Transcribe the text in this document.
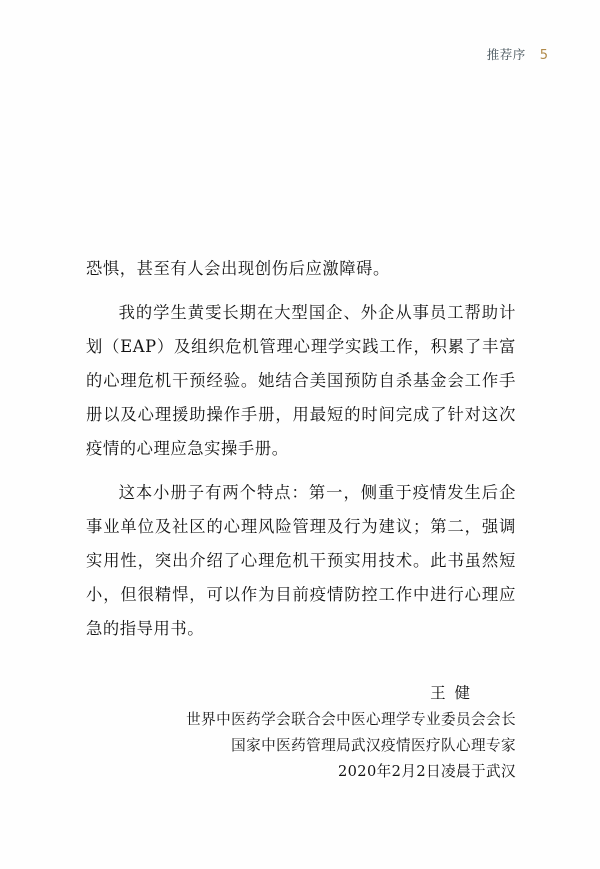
推荐序 5

恐惧，甚至有人会出现创伤后应激障碍。

我的学生黄雯长期在大型国企、外企从事员工帮助计划（EAP）及组织危机管理心理学实践工作，积累了丰富的心理危机干预经验。她结合美国预防自杀基金会工作手册以及心理援助操作手册，用最短的时间完成了针对这次疫情的心理应急实操手册。

这本小册子有两个特点：第一，侧重于疫情发生后企事业单位及社区的心理风险管理及行为建议；第二，强调实用性，突出介绍了心理危机干预实用技术。此书虽然短小，但很精悍，可以作为目前疫情防控工作中进行心理应急的指导用书。

王 健
世界中医药学会联合会中医心理学专业委员会会长
国家中医药管理局武汉疫情医疗队心理专家
2020年2月2日凌晨于武汉
